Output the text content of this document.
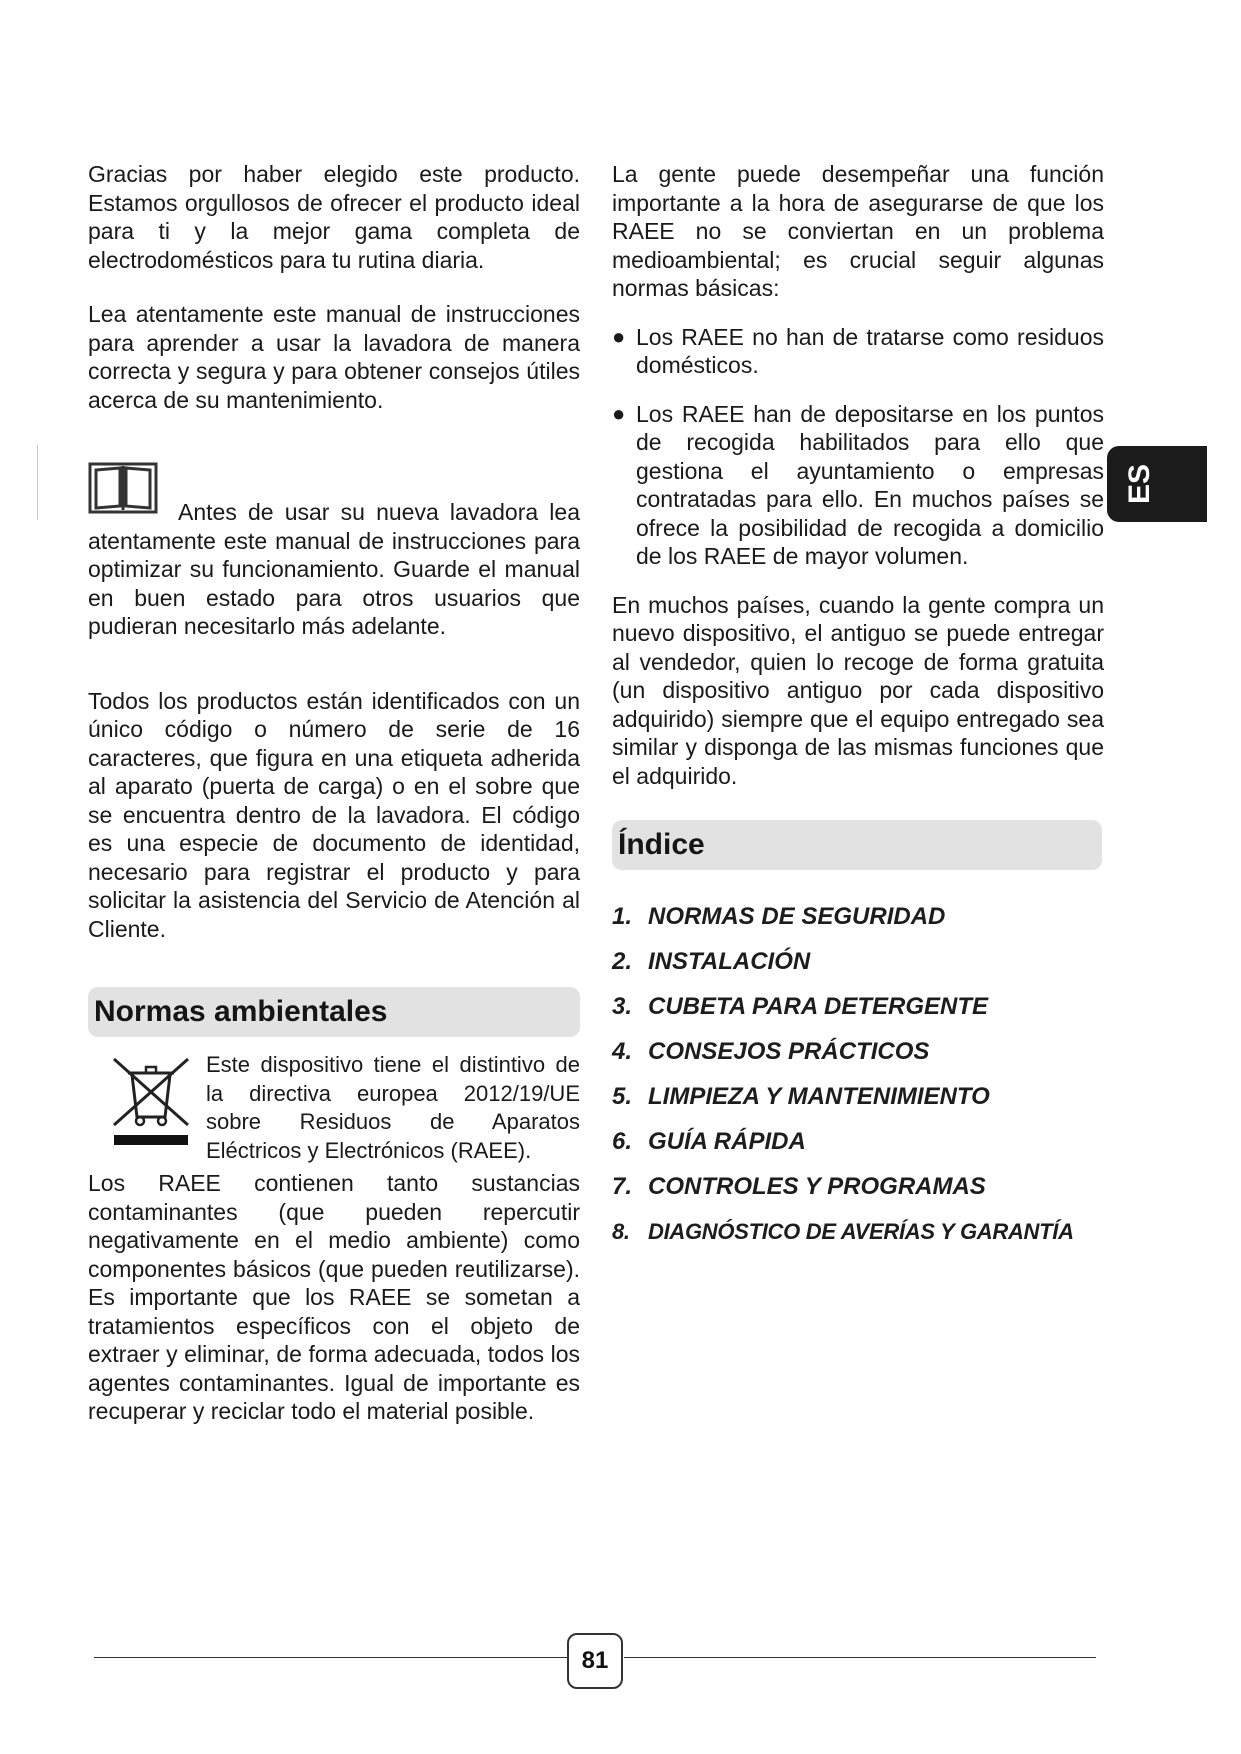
Gracias por haber elegido este producto. Estamos orgullosos de ofrecer el producto ideal para ti y la mejor gama completa de electrodomésticos para tu rutina diaria.

Lea atentamente este manual de instrucciones para aprender a usar la lavadora de manera correcta y segura y para obtener consejos útiles acerca de su mantenimiento.

Antes de usar su nueva lavadora lea atentamente este manual de instrucciones para optimizar su funcionamiento. Guarde el manual en buen estado para otros usuarios que pudieran necesitarlo más adelante.

Todos los productos están identificados con un único código o número de serie de 16 caracteres, que figura en una etiqueta adherida al aparato (puerta de carga) o en el sobre que se encuentra dentro de la lavadora. El código es una especie de documento de identidad, necesario para registrar el producto y para solicitar la asistencia del Servicio de Atención al Cliente.

Normas ambientales
Este dispositivo tiene el distintivo de la directiva europea 2012/19/UE sobre Residuos de Aparatos Eléctricos y Electrónicos (RAEE).

Los RAEE contienen tanto sustancias contaminantes (que pueden repercutir negativamente en el medio ambiente) como componentes básicos (que pueden reutilizarse). Es importante que los RAEE se sometan a tratamientos específicos con el objeto de extraer y eliminar, de forma adecuada, todos los agentes contaminantes. Igual de importante es recuperar y reciclar todo el material posible.

La gente puede desempeñar una función importante a la hora de asegurarse de que los RAEE no se conviertan en un problema medioambiental; es crucial seguir algunas normas básicas:

● Los RAEE no han de tratarse como residuos domésticos.

● Los RAEE han de depositarse en los puntos de recogida habilitados para ello que gestiona el ayuntamiento o empresas contratadas para ello. En muchos países se ofrece la posibilidad de recogida a domicilio de los RAEE de mayor volumen.

En muchos países, cuando la gente compra un nuevo dispositivo, el antiguo se puede entregar al vendedor, quien lo recoge de forma gratuita (un dispositivo antiguo por cada dispositivo adquirido) siempre que el equipo entregado sea similar y disponga de las mismas funciones que el adquirido.

Índice
1. NORMAS DE SEGURIDAD
2. INSTALACIÓN
3. CUBETA PARA DETERGENTE
4. CONSEJOS PRÁCTICOS
5. LIMPIEZA Y MANTENIMIENTO
6. GUÍA RÁPIDA
7. CONTROLES Y PROGRAMAS
8. DIAGNÓSTICO DE AVERÍAS Y GARANTÍA
ES
81
